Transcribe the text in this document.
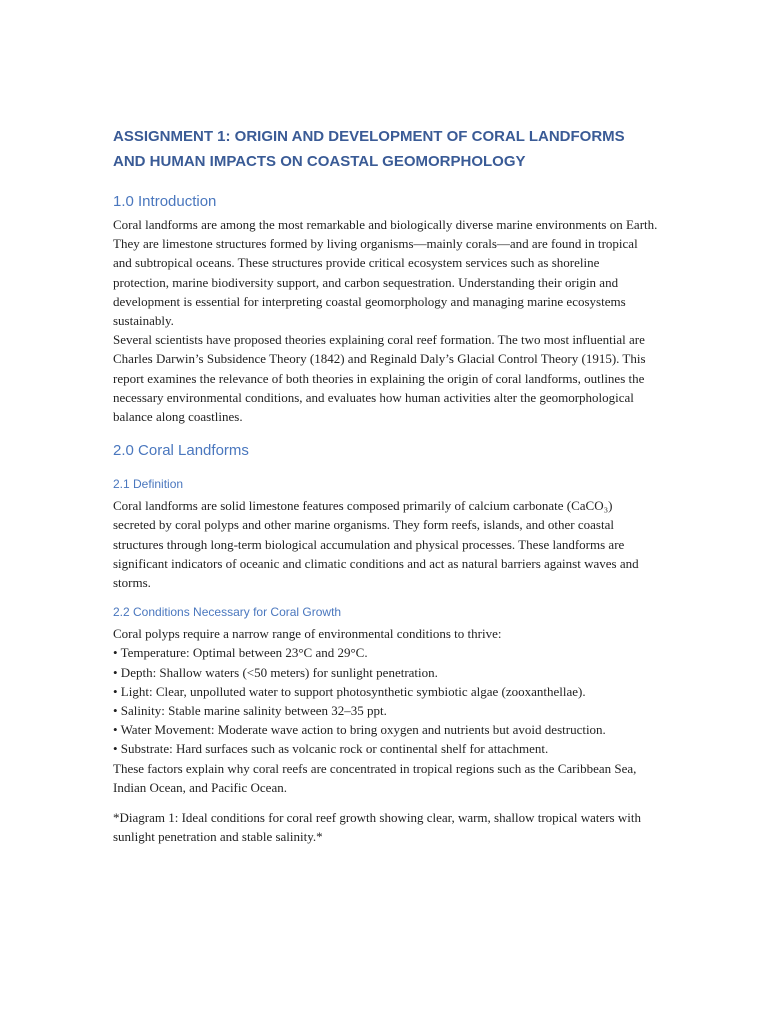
ASSIGNMENT 1: ORIGIN AND DEVELOPMENT OF CORAL LANDFORMS AND HUMAN IMPACTS ON COASTAL GEOMORPHOLOGY
1.0 Introduction

Coral landforms are among the most remarkable and biologically diverse marine environments on Earth. They are limestone structures formed by living organisms—mainly corals—and are found in tropical and subtropical oceans. These structures provide critical ecosystem services such as shoreline protection, marine biodiversity support, and carbon sequestration. Understanding their origin and development is essential for interpreting coastal geomorphology and managing marine ecosystems sustainably.

Several scientists have proposed theories explaining coral reef formation. The two most influential are Charles Darwin’s Subsidence Theory (1842) and Reginald Daly’s Glacial Control Theory (1915). This report examines the relevance of both theories in explaining the origin of coral landforms, outlines the necessary environmental conditions, and evaluates how human activities alter the geomorphological balance along coastlines.

2.0 Coral Landforms
2.1 Definition

Coral landforms are solid limestone features composed primarily of calcium carbonate (CaCO₃) secreted by coral polyps and other marine organisms. They form reefs, islands, and other coastal structures through long-term biological accumulation and physical processes. These landforms are significant indicators of oceanic and climatic conditions and act as natural barriers against waves and storms.

2.2 Conditions Necessary for Coral Growth

Coral polyps require a narrow range of environmental conditions to thrive:

• Temperature: Optimal between 23°C and 29°C.
• Depth: Shallow waters (<50 meters) for sunlight penetration.
• Light: Clear, unpolluted water to support photosynthetic symbiotic algae (zooxanthellae).
• Salinity: Stable marine salinity between 32–35 ppt.
• Water Movement: Moderate wave action to bring oxygen and nutrients but avoid destruction.
• Substrate: Hard surfaces such as volcanic rock or continental shelf for attachment.

These factors explain why coral reefs are concentrated in tropical regions such as the Caribbean Sea, Indian Ocean, and Pacific Ocean.

*Diagram 1: Ideal conditions for coral reef growth showing clear, warm, shallow tropical waters with sunlight penetration and stable salinity.*
